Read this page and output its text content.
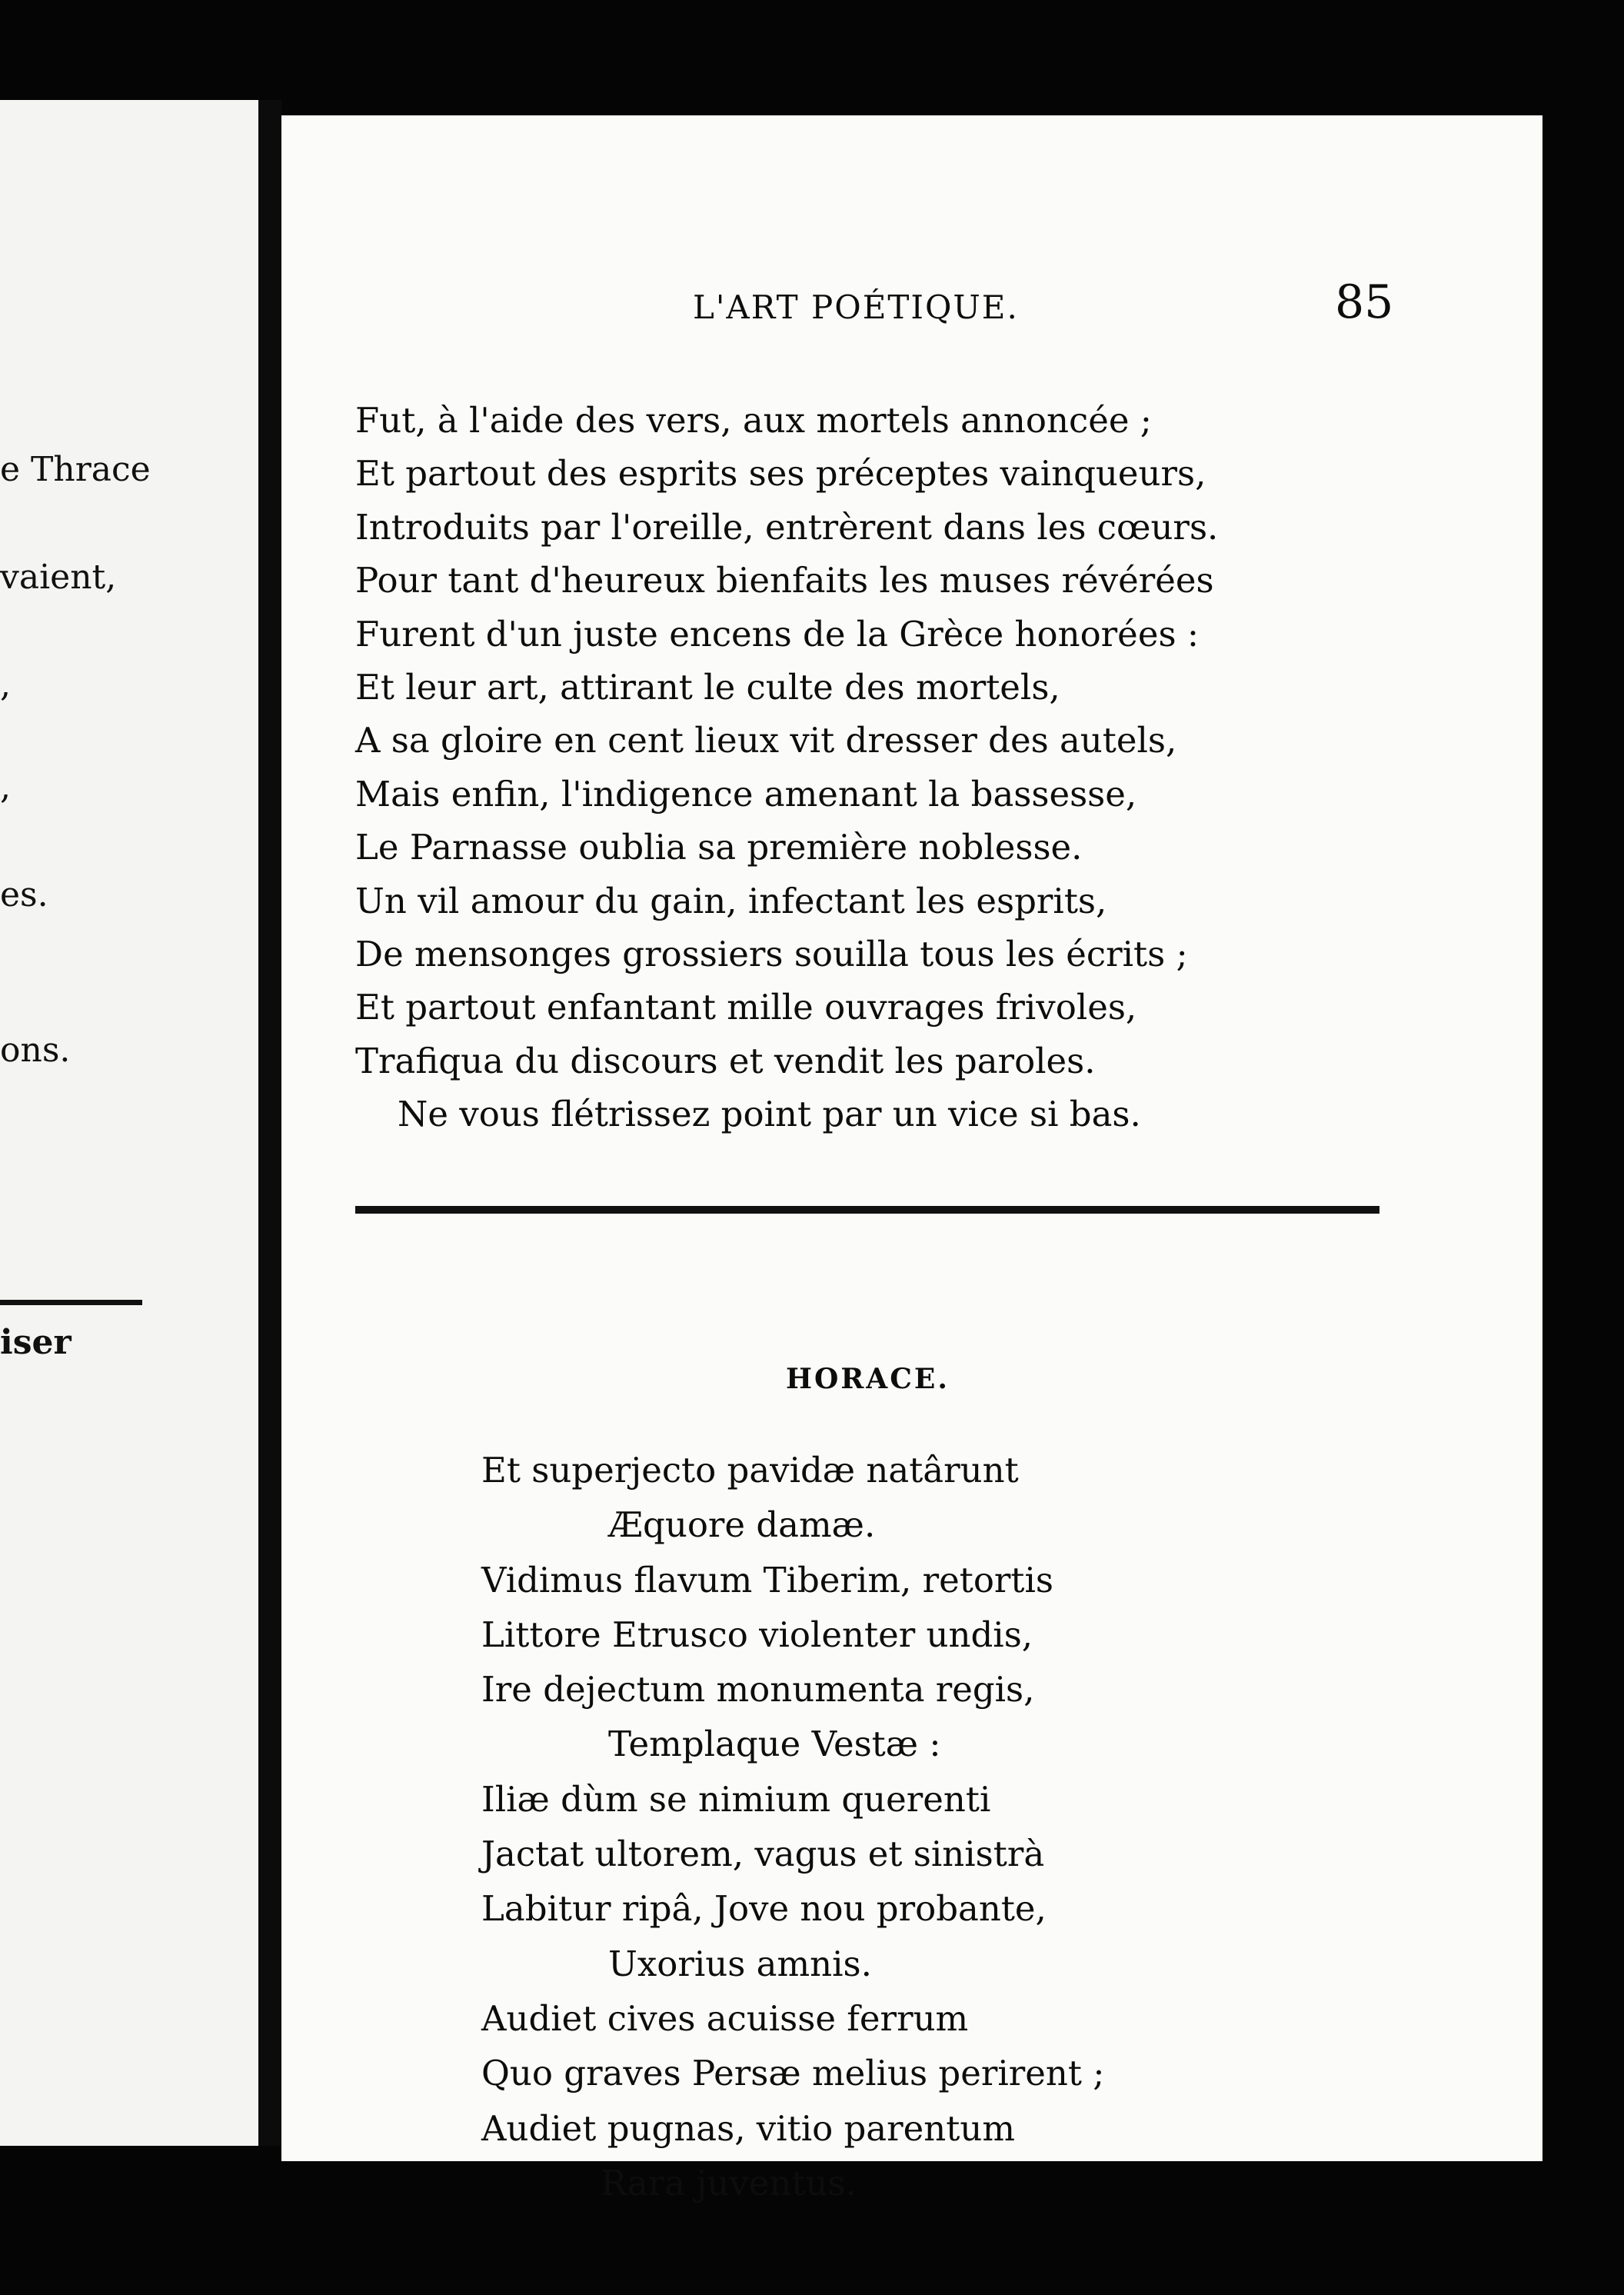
e Thrace
vaient,
,
,
es.
ons.
iser
L'ART POÉTIQUE.	85
Fut, à l'aide des vers, aux mortels annoncée ;
Et partout des esprits ses préceptes vainqueurs,
Introduits par l'oreille, entrèrent dans les cœurs.
Pour tant d'heureux bienfaits les muses révérées
Furent d'un juste encens de la Grèce honorées :
Et leur art, attirant le culte des mortels,
A sa gloire en cent lieux vit dresser des autels,
Mais enfin, l'indigence amenant la bassesse,
Le Parnasse oublia sa première noblesse.
Un vil amour du gain, infectant les esprits,
De mensonges grossiers souilla tous les écrits ;
Et partout enfantant mille ouvrages frivoles,
Trafiqua du discours et vendit les paroles.
Ne vous flétrissez point par un vice si bas.
HORACE.
Et superjecto pavidæ natârunt
Æquore damæ.
Vidimus flavum Tiberim, retortis
Littore Etrusco violenter undis,
Ire dejectum monumenta regis,
Templaque Vestæ :
Iliæ dùm se nimium querenti
Jactat ultorem, vagus et sinistrà
Labitur ripâ, Jove nou probante,
Uxorius amnis.
Audiet cives acuisse ferrum
Quo graves Persæ melius perirent ;
Audiet pugnas, vitio parentum
Rara juventus.
